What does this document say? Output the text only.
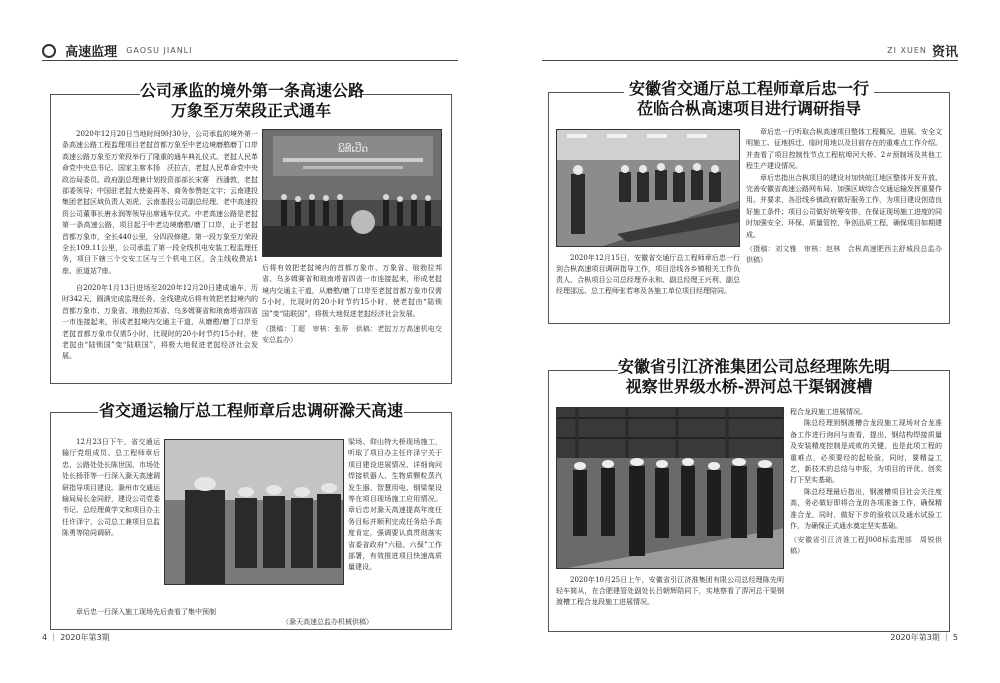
高速监理 GAOSU JIANLI
公司承监的境外第一条高速公路
万象至万荣段正式通车

2020年12月20日当地时间9时30分，公司承监的境外第一条高速公路工程监理项目老挝首都万象至中老边境磨憨磨丁口岸高速公路万象至万荣段举行了隆重的通车典礼仪式。老挝人民革命党中央总书记、国家主席本扬　沃拉吉，老挝人民革命党中央政治局委员、政府副总理兼计划投资部部长宋赛　西潘敦，老挝部委领导；中国驻老挝大使姜再冬、商务参赞赵文宇；云南建投集团老挝区域负责人刘虎、云南基投公司副总经理、老中高速投资公司董事长唐永润等领导出席通车仪式。中老高速公路是老挝第一条高速公路，项目起于中老边境磨憨/磨丁口岸，止于老挝首都万象市，全长440公里，分四段修建。第一段万象至万荣段全长109.11公里，公司承监了第一段全线机电安装工程监理任务，项目下辖三个交安工区与三个机电工区，含主线收费站1座、匝道站7座。

ພິທີເປີດ

自2020年1月13日进场至2020年12月20日建成通车，历时342天，圆满完成监理任务。全线建成后将有效把老挝境内的首都万象市、万象省、琅勃拉邦省、乌多姆赛省和琅南塔省四省一市连接起来，形成老挝境内交通主干道，从磨憨/磨丁口岸至老挝首都万象市仅需5小时，比现时的20小时节约15小时，使老挝由“陆锁国”变“陆联国”，将极大地促进老挝经济社会发展。

后将有效把老挝境内的首都万象市、万象省、琅勃拉邦省、乌多姆赛省和琅南塔省四省一市连接起来，形成老挝境内交通主干道，从磨憨/磨丁口岸至老挝首都万象市仅需5小时，比现时的20小时节约15小时，使老挝由“陆锁国”变“陆联国”，将极大地促进老挝经济社会发展。

（摄稿：丁超　审核：张蒂　供稿：老挝万万高速机电交安总监办）

省交通运输厅总工程师章后忠调研滁天高速

12月23日下午，省交通运输厅党组成员、总工程师章后忠、公路处处长陈世国、市场处处长杨菲等一行深入滁天高速调研指导项目建设。滁州市交通运输局局长金同舒，建设公司党委书记、总经理黄学文和项目办主任许泽宁，公司总工兼项目总监陈勇等陪同调研。

梁场、仰山特大桥现场施工，听取了项目办主任许泽宁关于项目建设进展情况、详细询问焊接机器人、生物质颗粒蒸汽发生器、智慧用电、钢梁架设等在项目现场施工应用情况。章后忠对滁天高速提高年度任务目标并顺利完成任务给予高度肯定，强调要认真贯彻落实省委省政府“六稳、六保”工作部署，有效推进项目快速高质量建设。

章后忠一行深入施工现场先后查看了集中预制

（滁天高速总监办机械供稿）
4 ｜ 2020年第3期
ZI XUEN 资讯
安徽省交通厅总工程师章后忠一行
莅临合枞高速项目进行调研指导

2020年12月15日，安徽省交通厅总工程师章后忠一行到合枞高速项目调研指导工作，项目沿线各乡镇相关工作负责人、合枞项目公司总经理乔永和、副总经理王兴利、副总经理邵远、总工程师张若寒及各施工单位项目经理陪同。

章后忠一行听取合枞高速项目整体工程概况、进展、安全文明施工、征地拆迁、临时用地以及目前存在的重难点工作介绍。并查看了项目控制性节点工程杭埠河大桥、2＃预制场及其他工程生产建设情况。

章后忠指出合枞项目的建设对加快皖江地区整体开发开放、完善安徽省高速公路网布局、加强区域综合交通运输发挥重要作用。并要求，各沿线乡镇政府做好服务工作，为项目建设创造良好施工条件；项目公司做好统筹安排，在保证现场施工进度的同时加强安全、环保、质量管控，争创品质工程，确保项目如期建成。

（摄稿：刘文雅　审核：赵林　合枞高速肥西主舒城段总监办 供稿）

安徽省引江济淮集团公司总经理陈先明
视察世界级水桥-淠河总干渠钢渡槽

2020年10月25日上午，安徽省引江济淮集团有限公司总经理陈先明轻车简从，在合肥建管处副处长吕朝辉陪同下，实地察看了淠河总干渠钢渡槽工程合龙段施工进展情况。

程合龙段施工进展情况。

陈总经理到钢渡槽合龙段施工现场对合龙准备工作进行询问与查看，提出，钢结构焊接质量及安装精度控制是成败的关键，也是此项工程的重难点，必须要经的起检验，同时，要精益工艺，新技术的总结与申报，为项目的评优、创奖打下坚实基础。

陈总经理最后指出，钢渡槽项目社会关注度高，务必做好即将合龙的各项准备工作，确保精准合龙，同时，做好下步的验收以及通水试验工作，为确保正式通水奠定坚实基础。

（安徽省引江济淮工程J008标监理部　周锐供稿）

2020年第3期 ｜ 5
